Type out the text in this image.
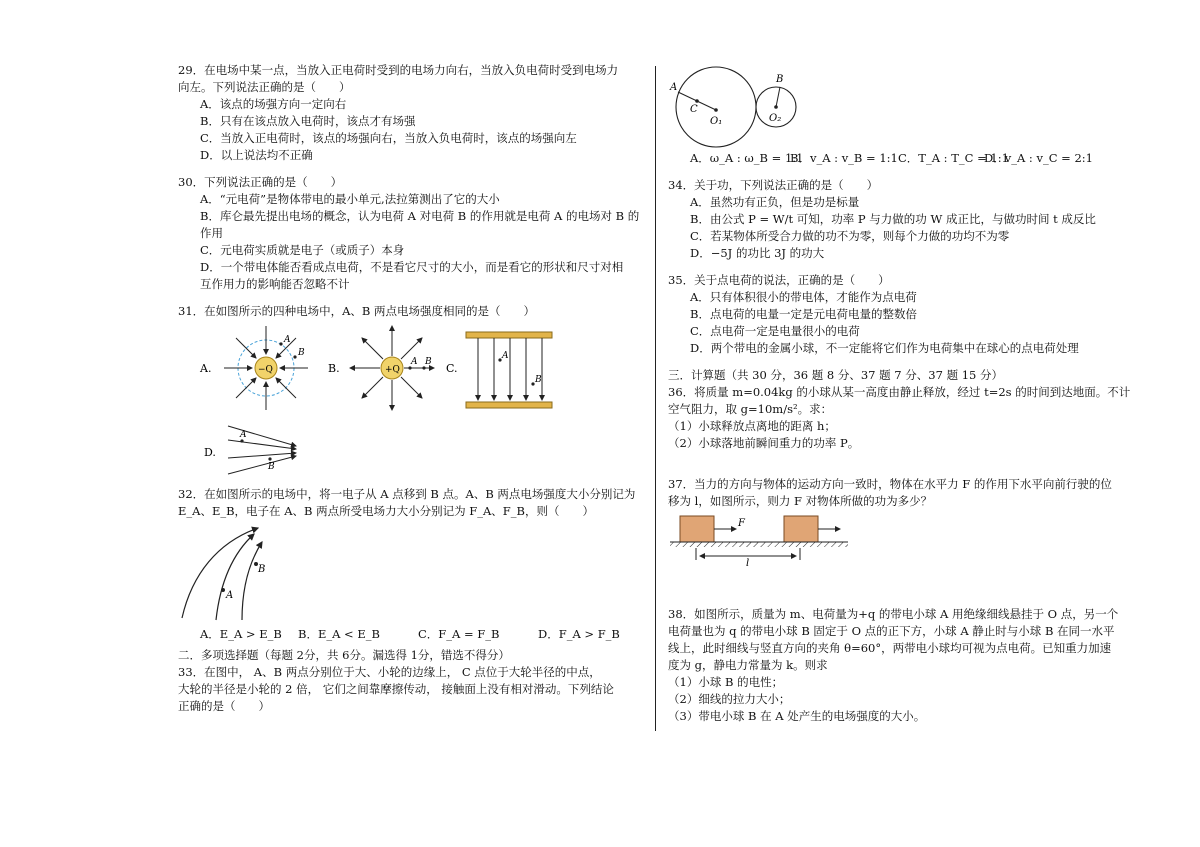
29．在电场中某一点，当放入正电荷时受到的电场力向右，当放入负电荷时受到电场力

向左。下列说法正确的是（　　）

A．该点的场强方向一定向右

B．只有在该点放入电荷时，该点才有场强

C．当放入正电荷时，该点的场强向右，当放入负电荷时，该点的场强向左

D．以上说法均不正确

30．下列说法正确的是（　　）

A．“元电荷”是物体带电的最小单元,法拉第测出了它的大小

B．库仑最先提出电场的概念，认为电荷 A 对电荷 B 的作用就是电荷 A 的电场对 B 的

作用

C．元电荷实质就是电子（或质子）本身

D．一个带电体能否看成点电荷，不是看它尺寸的大小，而是看它的形状和尺寸对相

互作用力的影响能否忽略不计

31．在如图所示的四种电场中，A、B 两点电场强度相同的是（　　）

A.	−Q
A
B
B.	+Q
A B C.
A
B
D.
A
B

32．在如图所示的电场中，将一电子从 A 点移到 B 点。A、B 两点电场强度大小分别记为

E_A、E_B，电子在 A、B 两点所受电场力大小分别记为 F_A、F_B，则（　　）

A
B
A．E_A > E_B	B．E_A < E_B	C．F_A = F_B	D．F_A > F_B

二．多项选择题（每题 2分，共 6分。漏选得 1分，错选不得分）

33．在图中， A、B 两点分别位于大、小轮的边缘上， C 点位于大轮半径的中点，

大轮的半径是小轮的 2 倍， 它们之间靠摩擦传动， 接触面上没有相对滑动。下列结论

正确的是（　　）

A
C
O₁
B
O₂
A．ω_A : ω_B = 1:1
B．v_A : v_B = 1:1 C．T_A : T_C = 1:1
D．v_A : v_C = 2:1

34．关于功，下列说法正确的是（　　）

A．虽然功有正负，但是功是标量

B．由公式 P = W/t 可知，功率 P 与力做的功 W 成正比，与做功时间 t 成反比

C．若某物体所受合力做的功不为零，则每个力做的功均不为零

D．−5J 的功比 3J 的功大

35．关于点电荷的说法，正确的是（　　）

A．只有体积很小的带电体，才能作为点电荷

B．点电荷的电量一定是元电荷电量的整数倍

C．点电荷一定是电量很小的电荷

D．两个带电的金属小球，不一定能将它们作为电荷集中在球心的点电荷处理

三．计算题（共 30 分，36 题 8 分、37 题 7 分、37 题 15 分）

36．将质量 m=0.04kg 的小球从某一高度由静止释放，经过 t=2s 的时间到达地面。不计

空气阻力，取 g=10m/s²。求：

（1）小球释放点离地的距离 h；

（2）小球落地前瞬间重力的功率 P。

37．当力的方向与物体的运动方向一致时，物体在水平力 F 的作用下水平向前行驶的位

移为 l，如图所示，则力 F 对物体所做的功为多少？

F
l

38．如图所示，质量为 m、电荷量为+q 的带电小球 A 用绝缘细线悬挂于 O 点，另一个

电荷量也为 q 的带电小球 B 固定于 O 点的正下方，小球 A 静止时与小球 B 在同一水平

线上，此时细线与竖直方向的夹角 θ=60°，两带电小球均可视为点电荷。已知重力加速

度为 g，静电力常量为 k。则求

（1）小球 B 的电性；

（2）细线的拉力大小；

（3）带电小球 B 在 A 处产生的电场强度的大小。
